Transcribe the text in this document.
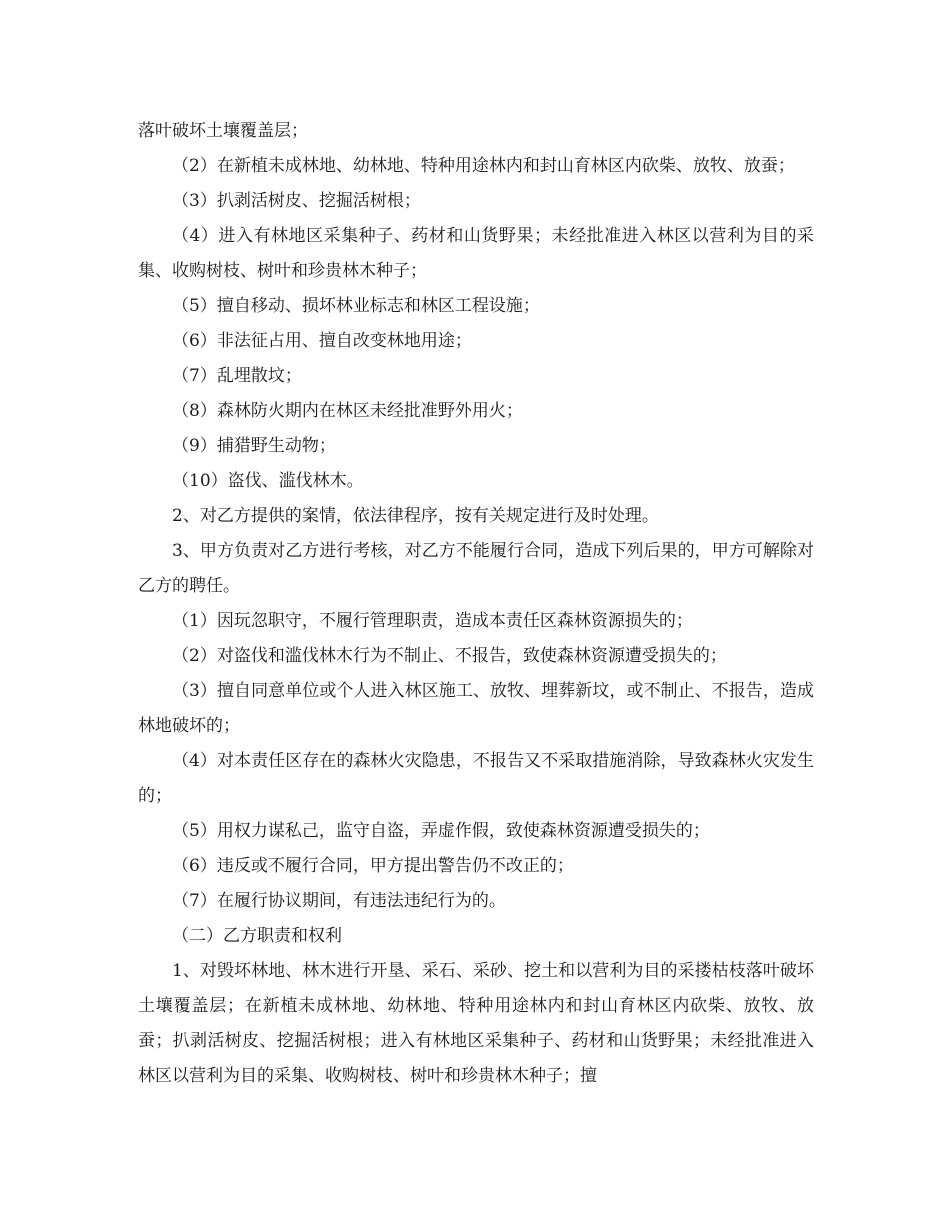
落叶破坏土壤覆盖层；

（2）在新植未成林地、幼林地、特种用途林内和封山育林区内砍柴、放牧、放蚕；

（3）扒剥活树皮、挖掘活树根；

（4）进入有林地区采集种子、药材和山货野果；未经批准进入林区以营利为目的采集、收购树枝、树叶和珍贵林木种子；

（5）擅自移动、损坏林业标志和林区工程设施；

（6）非法征占用、擅自改变林地用途；

（7）乱埋散坟；

（8）森林防火期内在林区未经批准野外用火；

（9）捕猎野生动物；

（10）盗伐、滥伐林木。

2、对乙方提供的案情，依法律程序，按有关规定进行及时处理。

3、甲方负责对乙方进行考核，对乙方不能履行合同，造成下列后果的，甲方可解除对乙方的聘任。

（1）因玩忽职守，不履行管理职责，造成本责任区森林资源损失的；

（2）对盗伐和滥伐林木行为不制止、不报告，致使森林资源遭受损失的；

（3）擅自同意单位或个人进入林区施工、放牧、埋葬新坟，或不制止、不报告，造成林地破坏的；

（4）对本责任区存在的森林火灾隐患，不报告又不采取措施消除，导致森林火灾发生的；

（5）用权力谋私己，监守自盗，弄虚作假，致使森林资源遭受损失的；

（6）违反或不履行合同，甲方提出警告仍不改正的；

（7）在履行协议期间，有违法违纪行为的。

（二）乙方职责和权利

1、对毁坏林地、林木进行开垦、采石、采砂、挖土和以营利为目的采搂枯枝落叶破坏土壤覆盖层；在新植未成林地、幼林地、特种用途林内和封山育林区内砍柴、放牧、放蚕；扒剥活树皮、挖掘活树根；进入有林地区采集种子、药材和山货野果；未经批准进入林区以营利为目的采集、收购树枝、树叶和珍贵林木种子；擅
